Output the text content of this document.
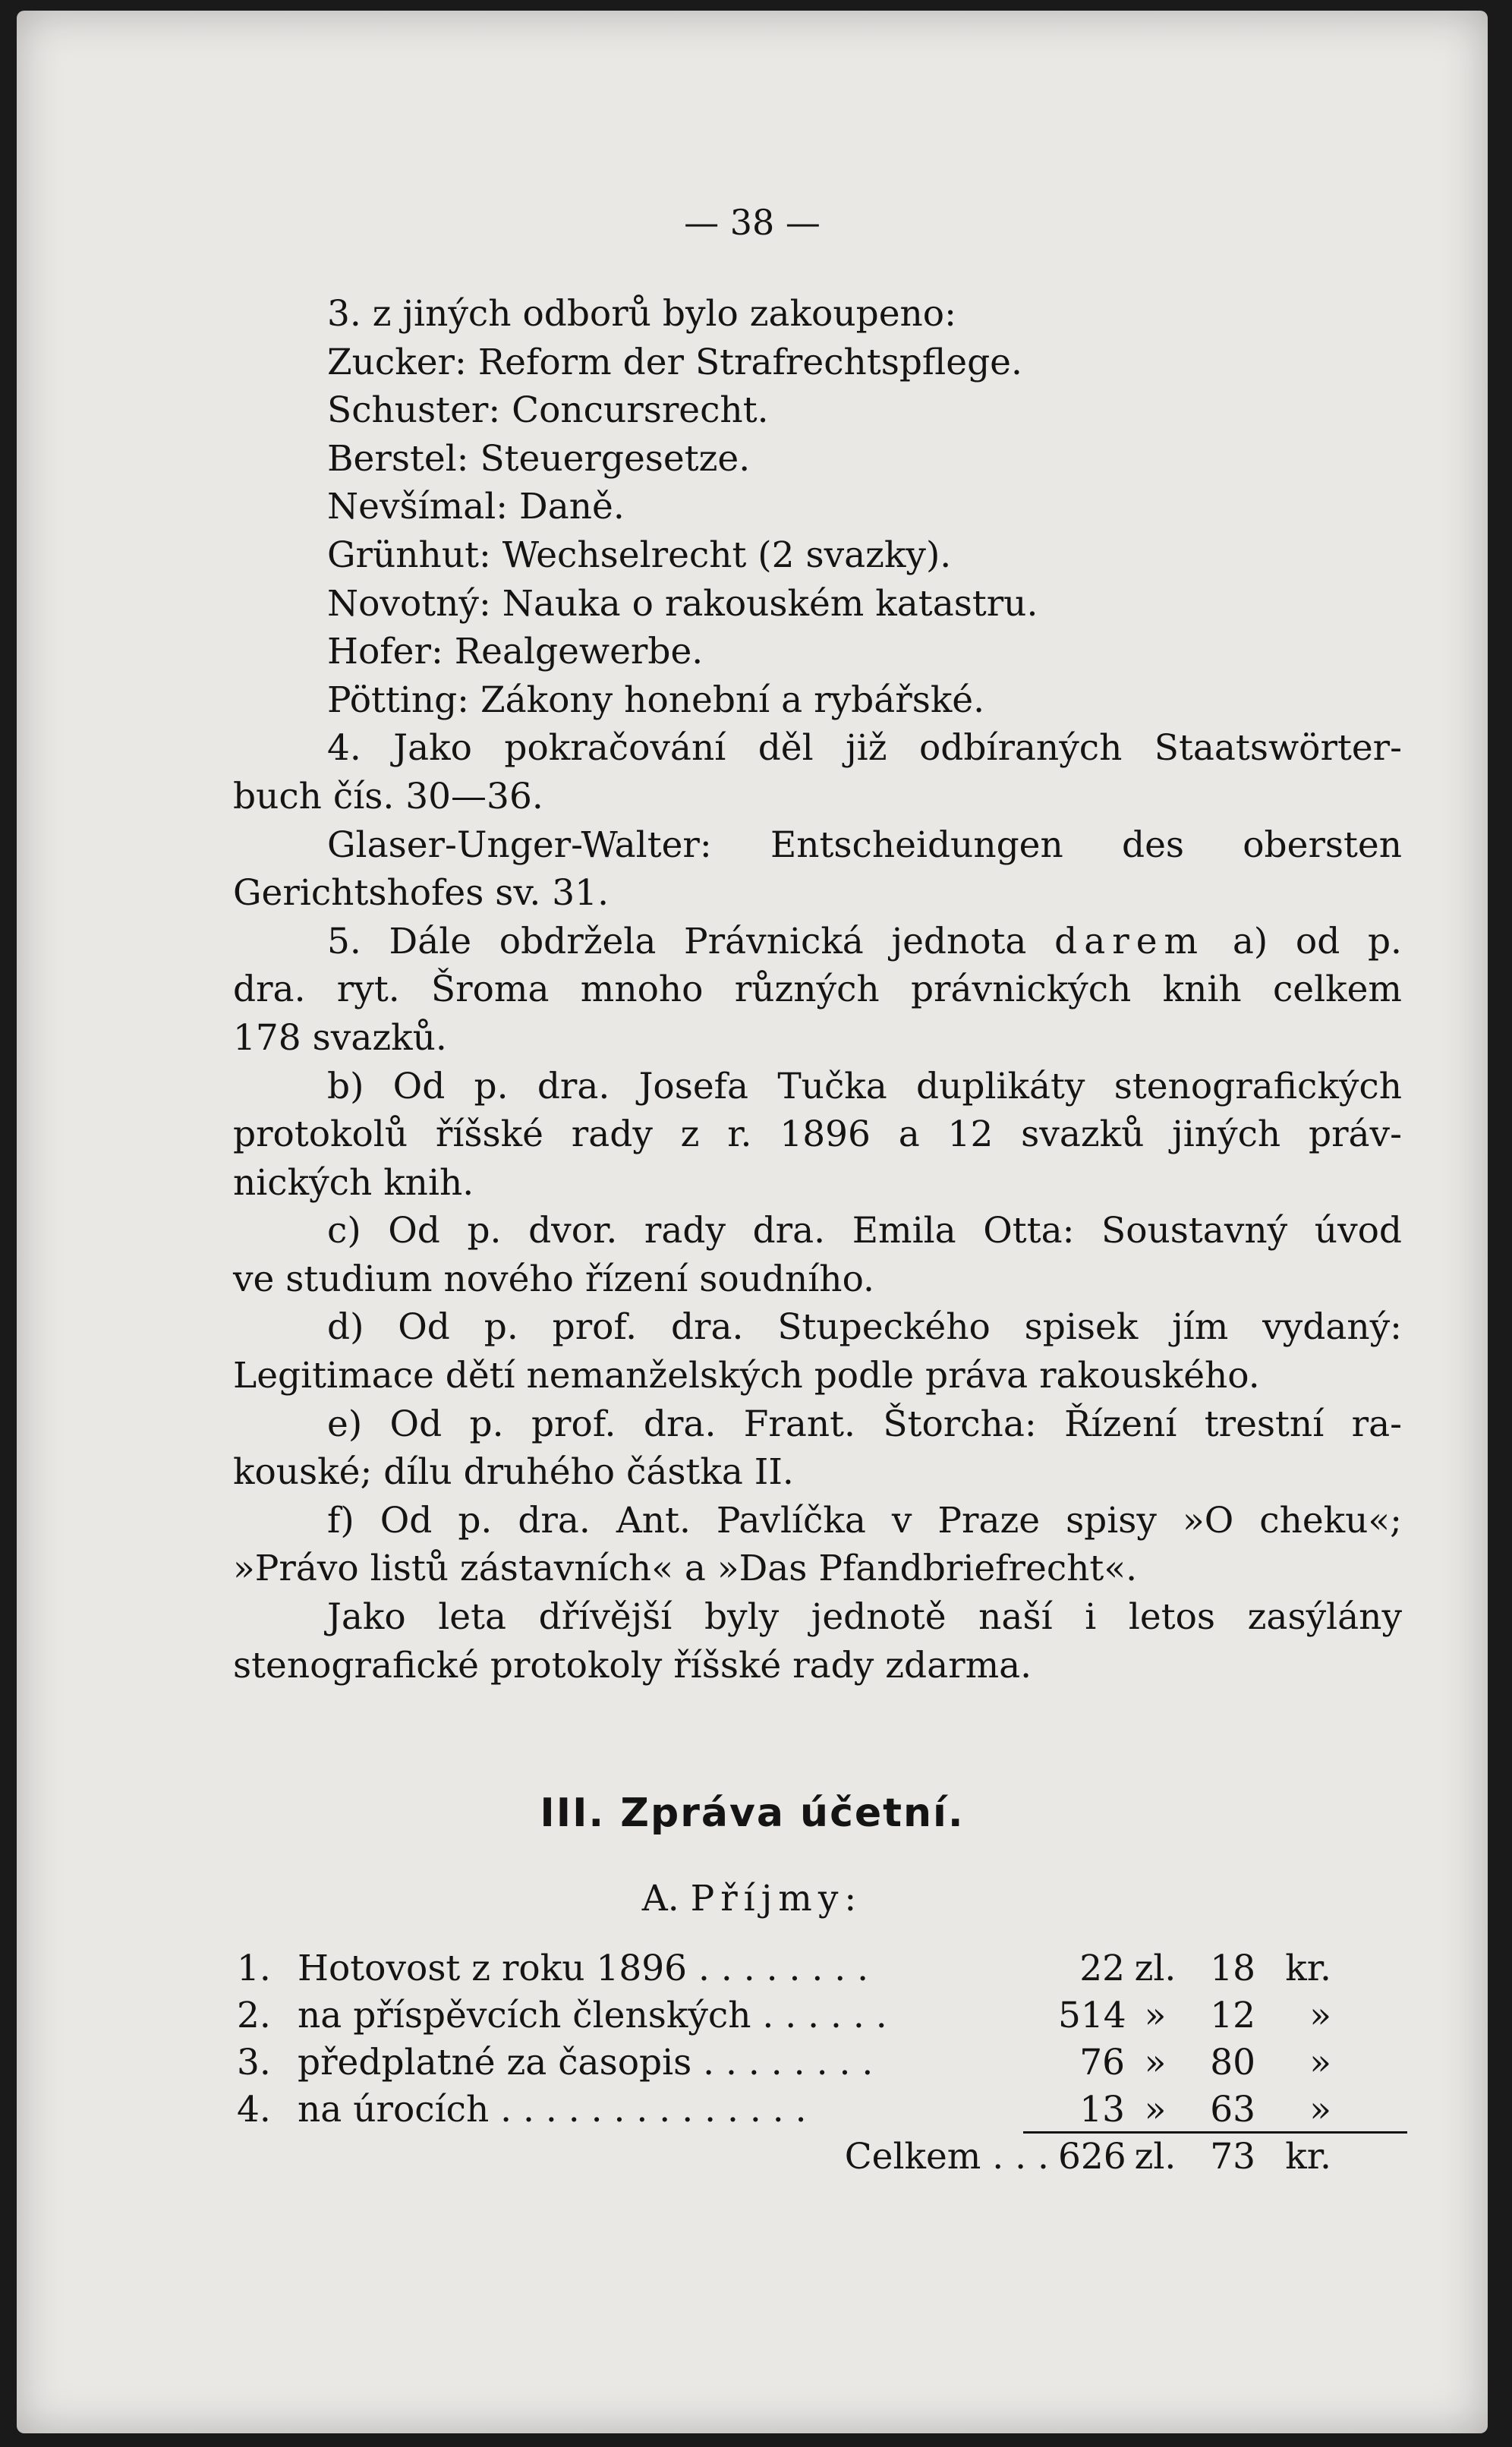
— 38 —
3. z jiných odborů bylo zakoupeno:
Zucker: Reform der Strafrechtspflege.
Schuster: Concursrecht.
Berstel: Steuergesetze.
Nevšímal: Daně.
Grünhut: Wechselrecht (2 svazky).
Novotný: Nauka o rakouském katastru.
Hofer: Realgewerbe.
Pötting: Zákony honební a rybářské.
4. Jako pokračování děl již odbíraných Staatswörter-
buch čís. 30—36.
Glaser-Unger-Walter: Entscheidungen des obersten
Gerichtshofes sv. 31.
5. Dále obdržela Právnická jednota darem a) od p.
dra. ryt. Šroma mnoho různých právnických knih celkem
178 svazků.
b) Od p. dra. Josefa Tučka duplikáty stenografických
protokolů říšské rady z r. 1896 a 12 svazků jiných práv-
nických knih.
c) Od p. dvor. rady dra. Emila Otta: Soustavný úvod
ve studium nového řízení soudního.
d) Od p. prof. dra. Stupeckého spisek jím vydaný:
Legitimace dětí nemanželských podle práva rakouského.
e) Od p. prof. dra. Frant. Štorcha: Řízení trestní ra-
kouské; dílu druhého částka II.
f) Od p. dra. Ant. Pavlíčka v Praze spisy »O cheku«;
»Právo listů zástavních« a »Das Pfandbriefrecht«.
Jako leta dřívější byly jednotě naší i letos zasýlány
stenografické protokoly říšské rady zdarma.
III. Zpráva účetní.
A. Příjmy:
1. Hotovost z roku 1896 . . . . . . . .	22 zl. 18 kr.
2. na příspěvcích členských . . . . . .	514 »	12	»
3. předplatné za časopis . . . . . . . .	76 »	80	»
4. na úrocích . . . . . . . . . . . . . .	13 »	63	»
Celkem . . . 626 zl. 73 kr.
